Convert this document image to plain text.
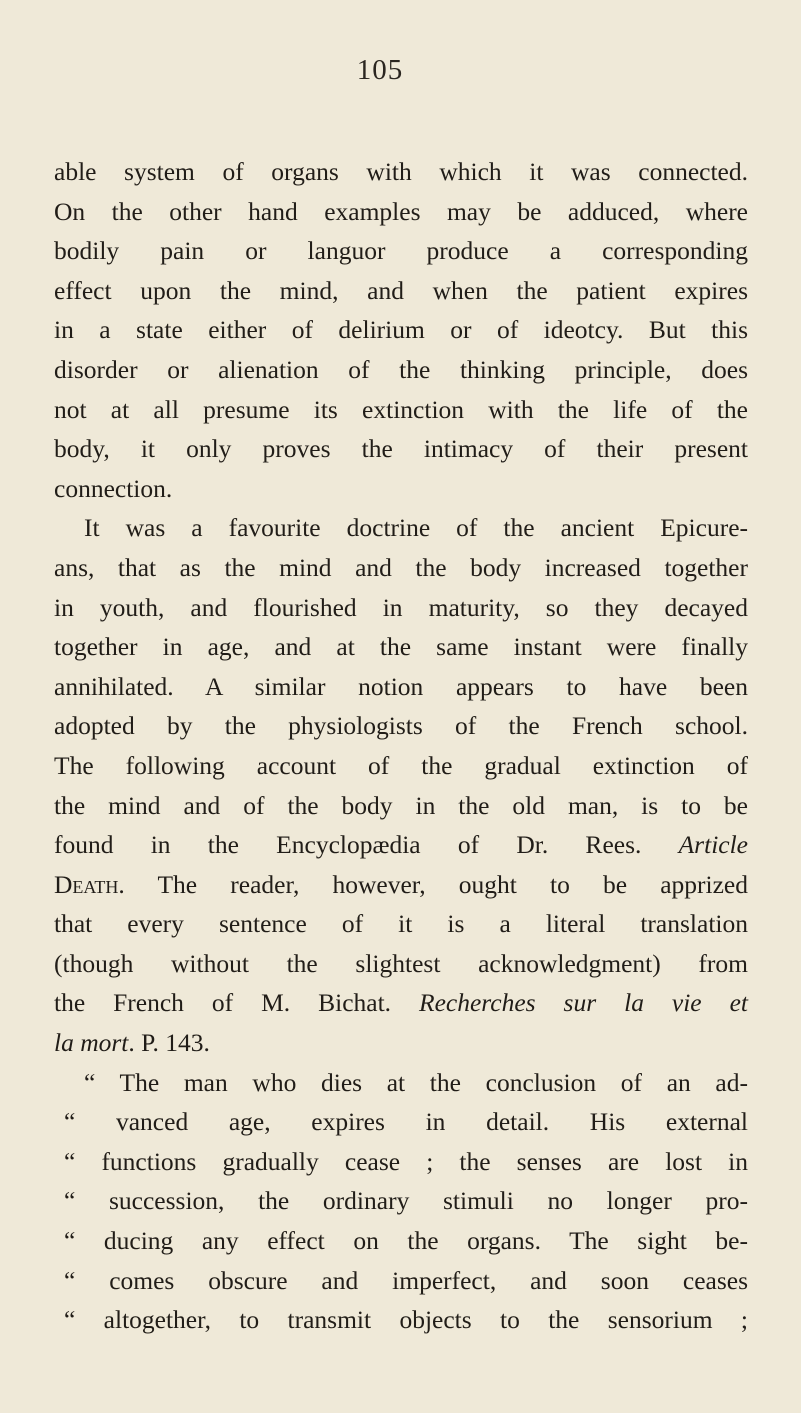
105
able system of organs with which it was connected.
On the other hand examples may be adduced, where
bodily pain or languor produce a corresponding
effect upon the mind, and when the patient expires
in a state either of delirium or of ideotcy. But this
disorder or alienation of the thinking principle, does
not at all presume its extinction with the life of the
body, it only proves the intimacy of their present
connection.
It was a favourite doctrine of the ancient Epicure-
ans, that as the mind and the body increased together
in youth, and flourished in maturity, so they decayed
together in age, and at the same instant were finally
annihilated. A similar notion appears to have been
adopted by the physiologists of the French school.
The following account of the gradual extinction of
the mind and of the body in the old man, is to be
found in the Encyclopædia of Dr. Rees. Article
Death. The reader, however, ought to be apprized
that every sentence of it is a literal translation
(though without the slightest acknowledgment) from
the French of M. Bichat. Recherches sur la vie et
la mort. P. 143.
“ The man who dies at the conclusion of an ad-
“ vanced age, expires in detail. His external
“ functions gradually cease ; the senses are lost in
“ succession, the ordinary stimuli no longer pro-
“ ducing any effect on the organs. The sight be-
“ comes obscure and imperfect, and soon ceases
“ altogether, to transmit objects to the sensorium ;
